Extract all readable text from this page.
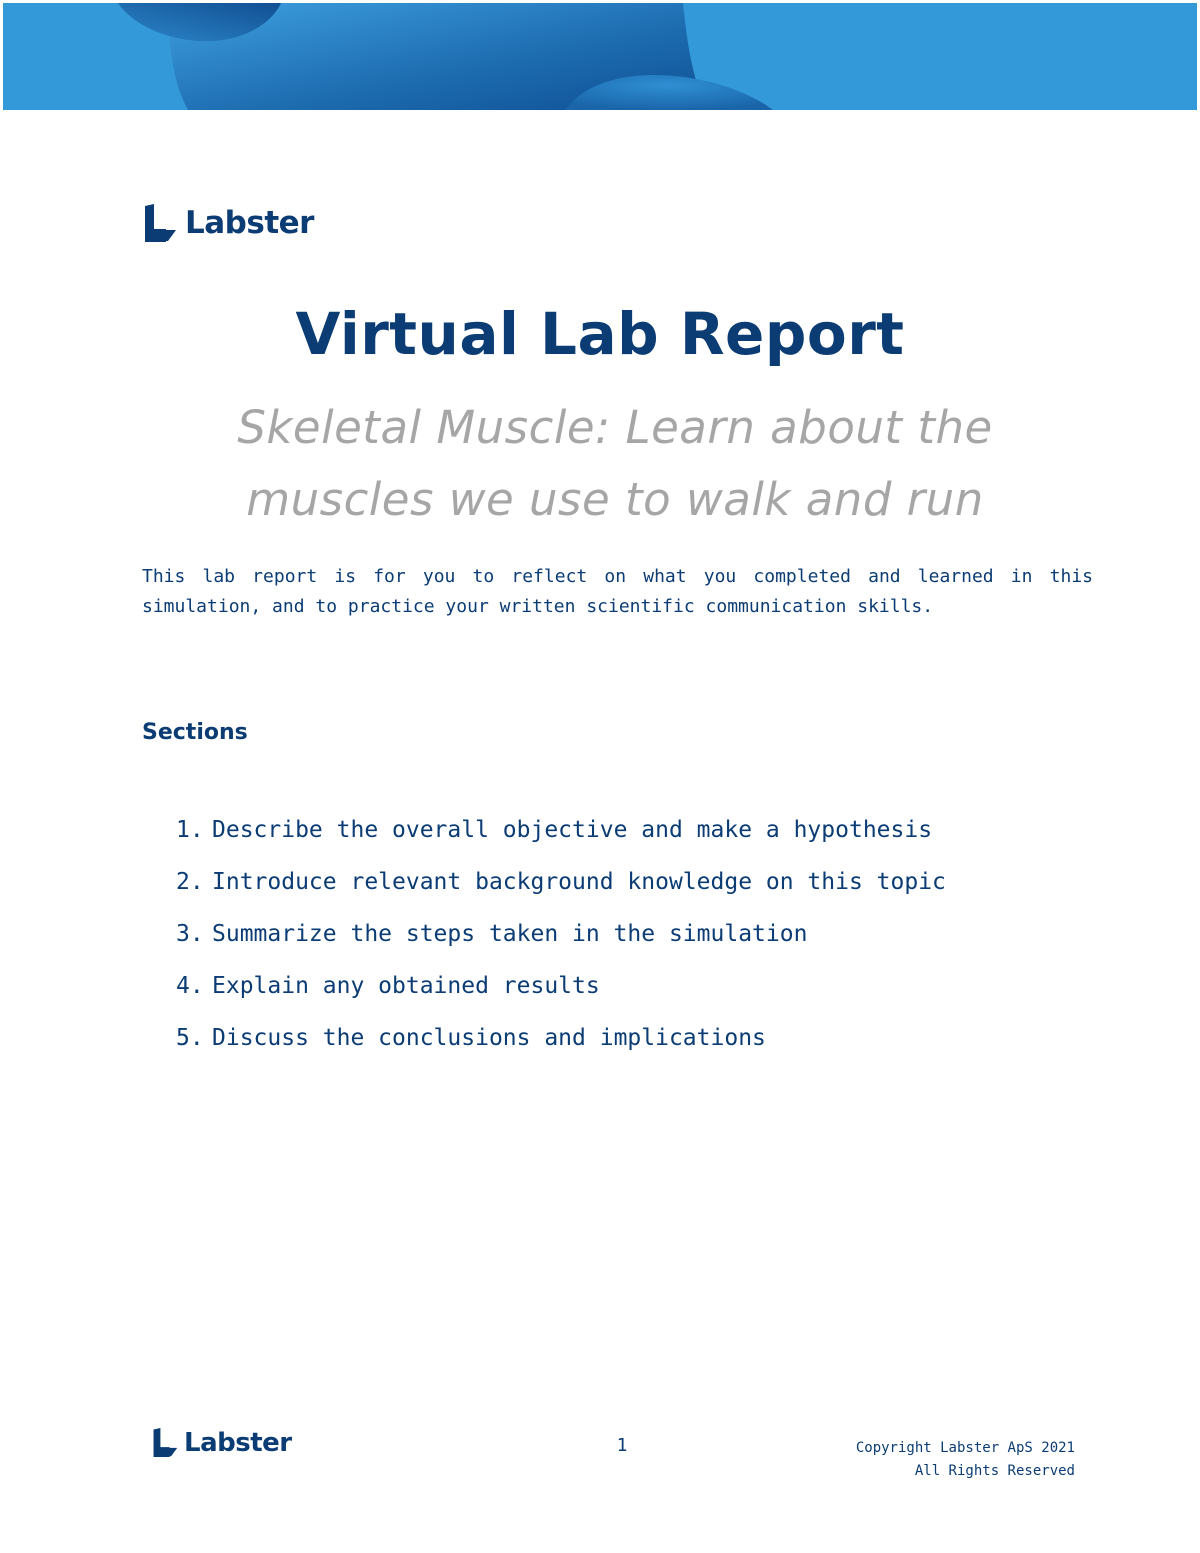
Labster
Virtual Lab Report
Skeletal Muscle: Learn about the
muscles we use to walk and run

This lab report is for you to reflect on what you completed and learned in this simulation, and to practice your written scientific communication skills.

Sections
1. Describe the overall objective and make a hypothesis
2. Introduce relevant background knowledge on this topic
3. Summarize the steps taken in the simulation
4. Explain any obtained results
5. Discuss the conclusions and implications
Labster	1	Copyright Labster ApS 2021
All Rights Reserved
